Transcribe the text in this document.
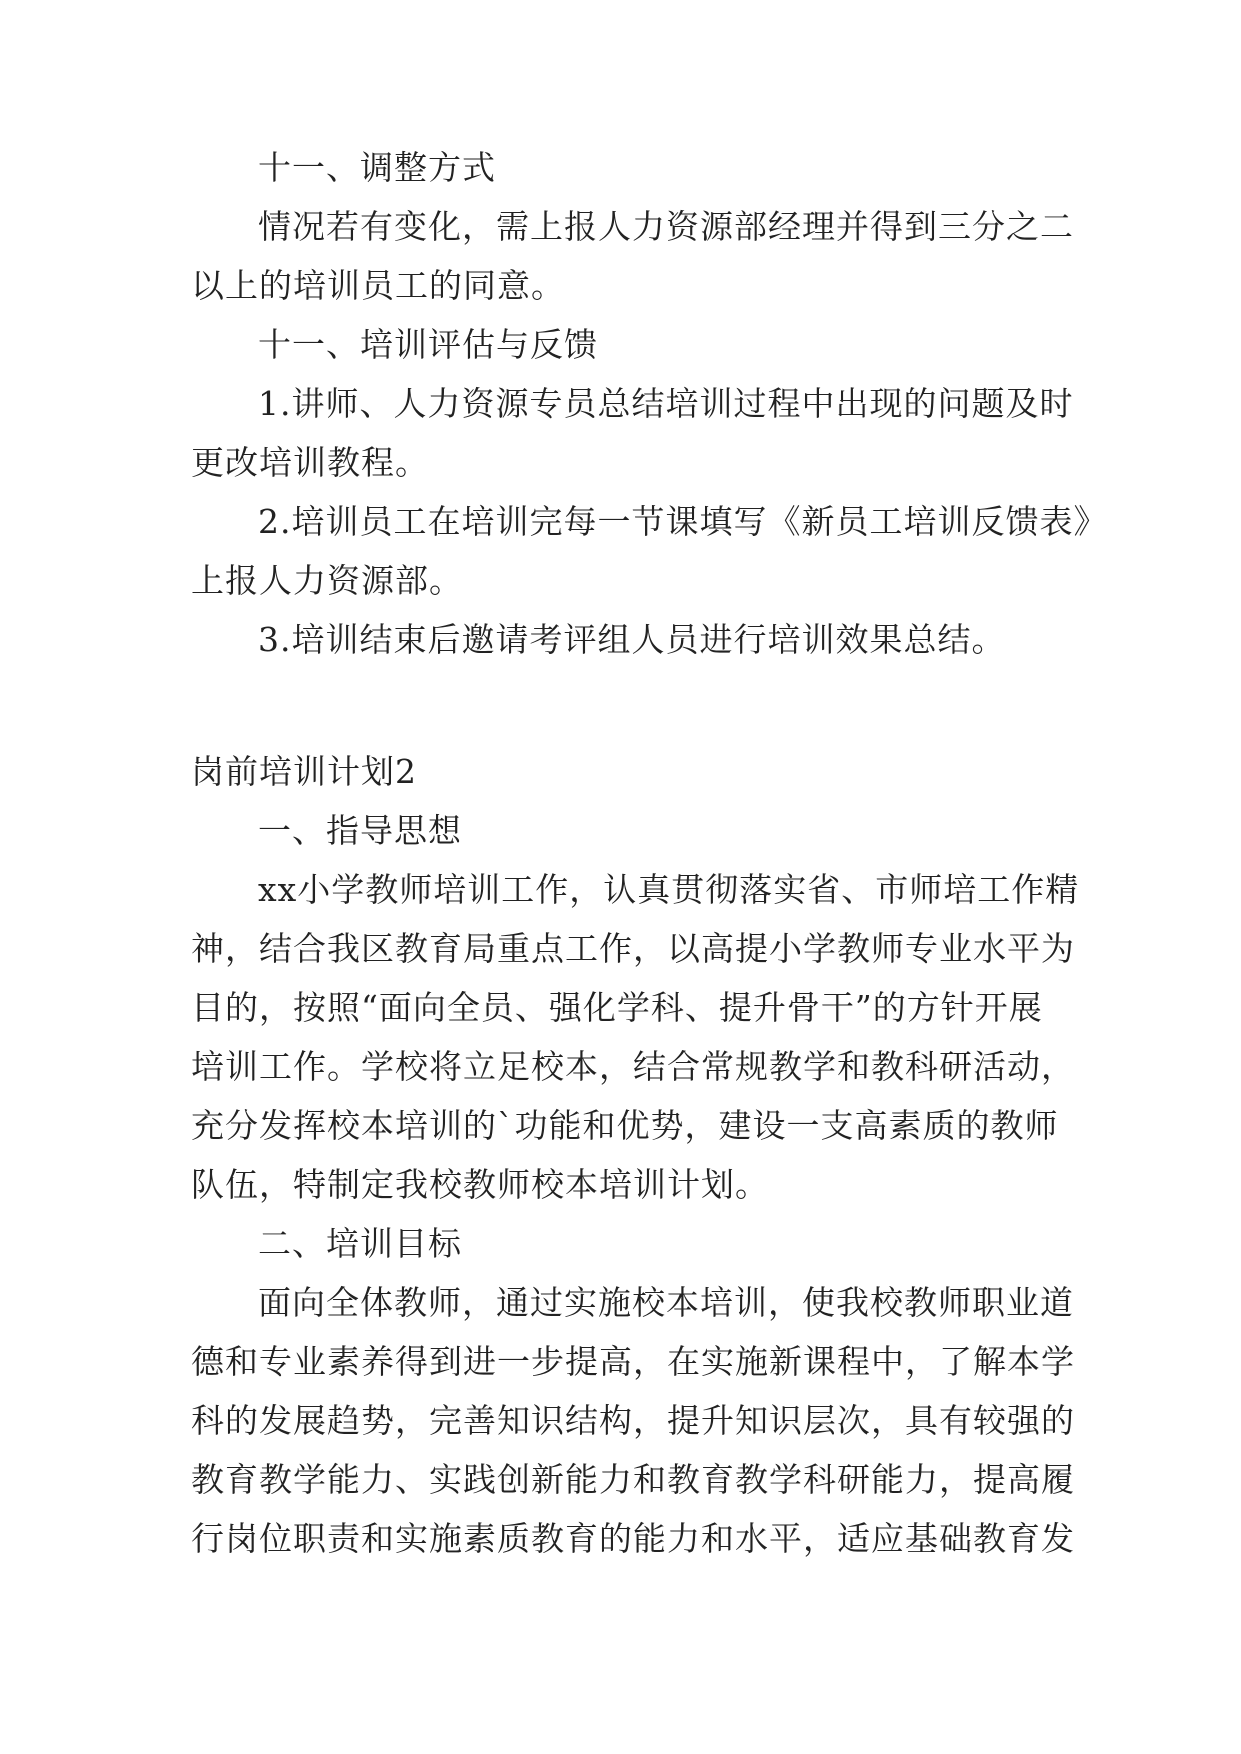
十一、调整方式
情况若有变化，需上报人力资源部经理并得到三分之二
以上的培训员工的同意。
十一、培训评估与反馈
1.讲师、人力资源专员总结培训过程中出现的问题及时
更改培训教程。
2.培训员工在培训完每一节课填写《新员工培训反馈表》
上报人力资源部。
3.培训结束后邀请考评组人员进行培训效果总结。
岗前培训计划2
一、指导思想
xx小学教师培训工作，认真贯彻落实省、市师培工作精
神，结合我区教育局重点工作，以高提小学教师专业水平为
目的，按照“面向全员、强化学科、提升骨干”的方针开展
培训工作。学校将立足校本，结合常规教学和教科研活动，
充分发挥校本培训的`功能和优势，建设一支高素质的教师
队伍，特制定我校教师校本培训计划。
二、培训目标
面向全体教师，通过实施校本培训，使我校教师职业道
德和专业素养得到进一步提高，在实施新课程中，了解本学
科的发展趋势，完善知识结构，提升知识层次，具有较强的
教育教学能力、实践创新能力和教育教学科研能力，提高履
行岗位职责和实施素质教育的能力和水平，适应基础教育发
